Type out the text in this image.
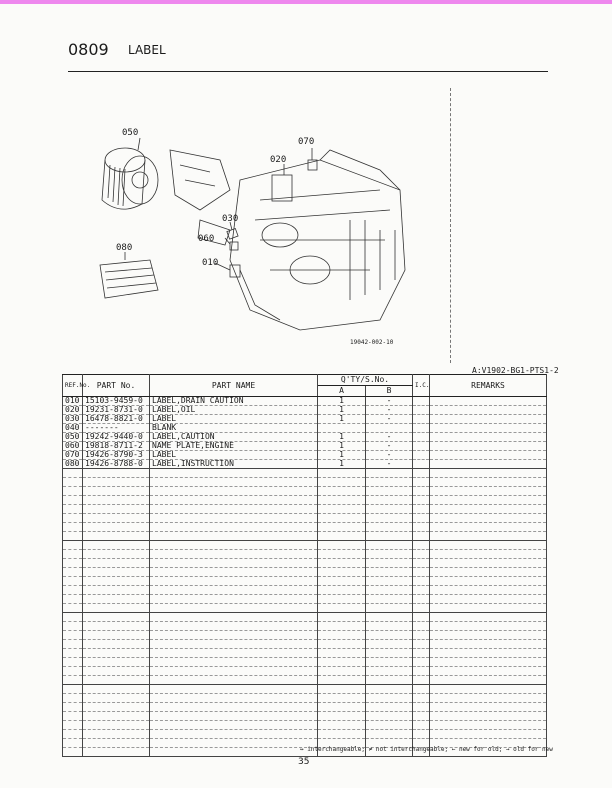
0809 LABEL
050
070
020
030
060
010
080
19042-002-10
A:V1902-BG1-PTS1-2
REF.No.	PART No.	PART NAME	Q'TY/S.No.		I.C.	REMARKS
			A	B		
010	15103-9459-0	LABEL,DRAIN CAUTION	1	-		
020	19231-8731-0	LABEL,OIL	1	-		
030	16478-8821-0	LABEL	1	-		
040	-------	BLANK				
050	19242-9440-0	LABEL,CAUTION	1	-		
060	19818-8711-2	NAME PLATE,ENGINE	1	-		
070	19426-8790-3	LABEL	1	-		
080	19426-8788-0	LABEL,INSTRUCTION	1	-		

↔ interchangeable; ≠ not interchangeable; ← new for old; → old for new
35
